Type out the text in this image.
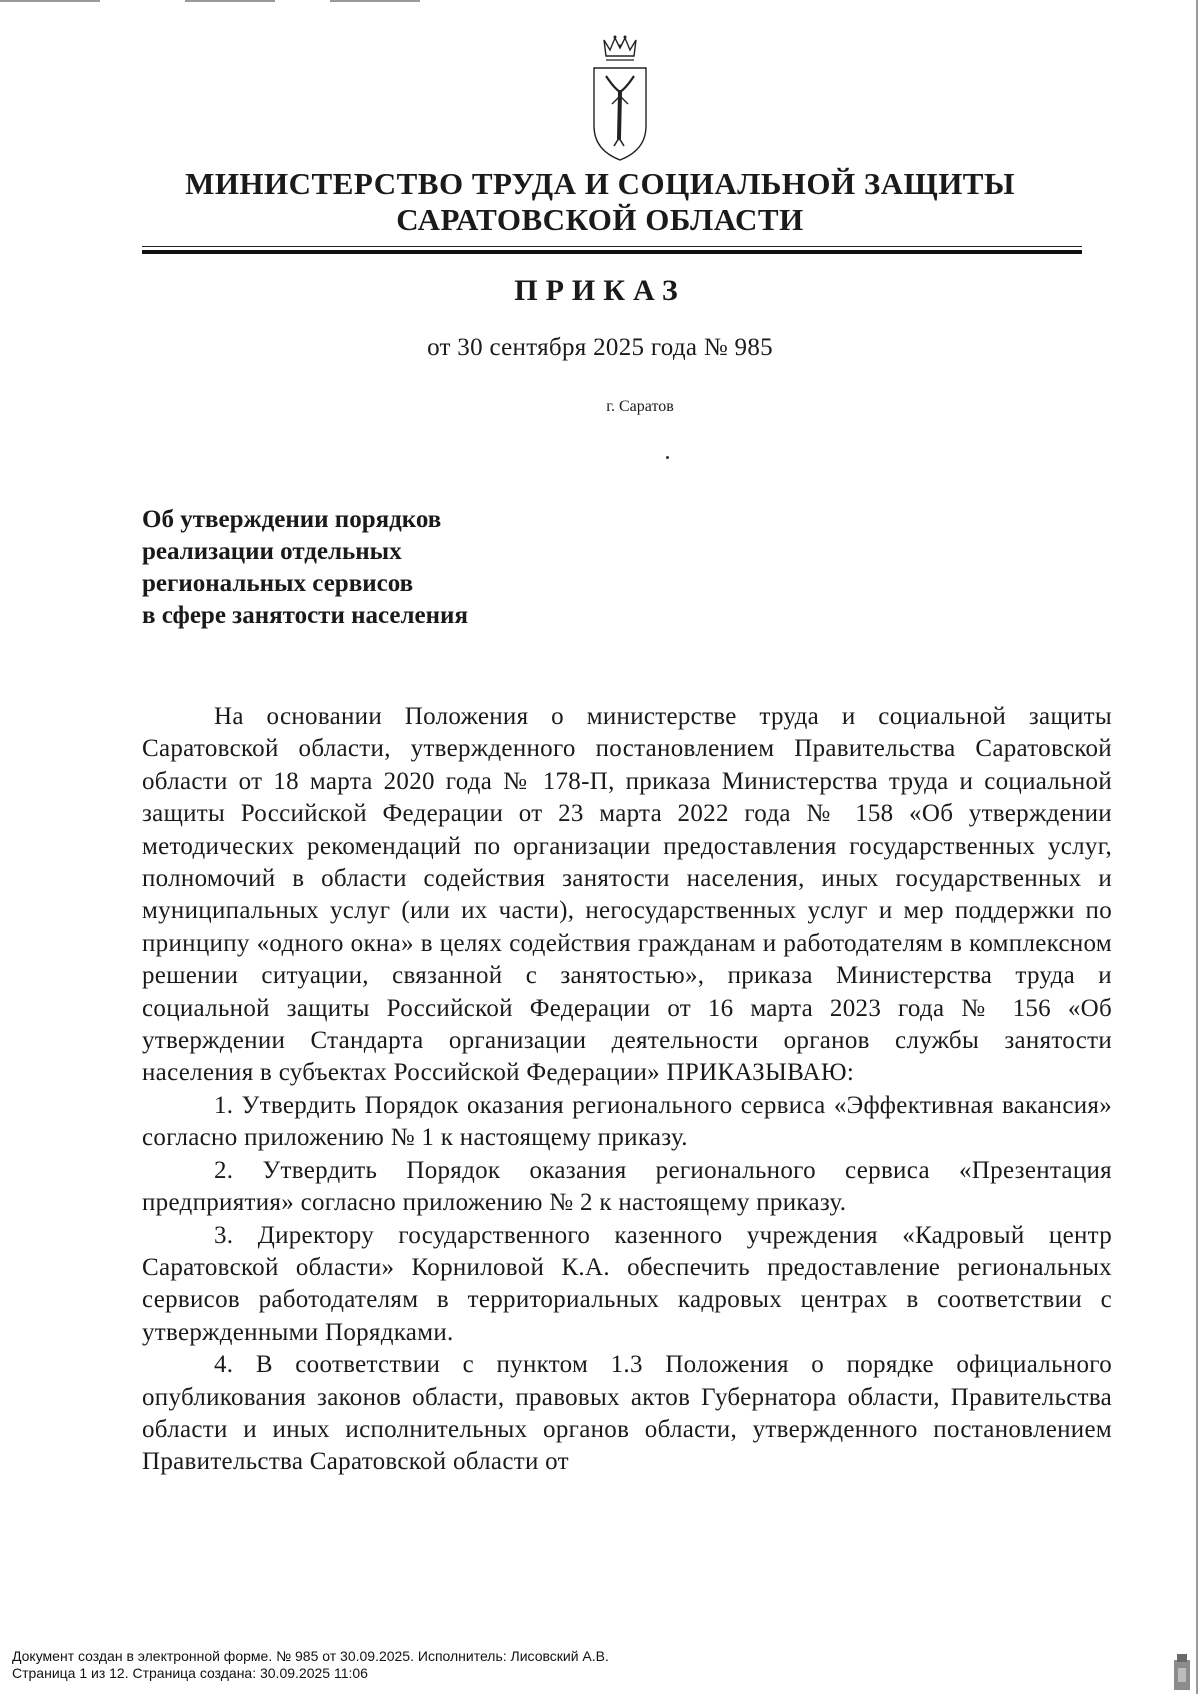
МИНИСТЕРСТВО ТРУДА И СОЦИАЛЬНОЙ ЗАЩИТЫ
САРАТОВСКОЙ ОБЛАСТИ
ПРИКАЗ
от 30 сентября 2025 года № 985
г. Саратов
Об утверждении порядков
реализации отдельных
региональных сервисов
в сфере занятости населения

На основании Положения о министерстве труда и социальной защиты Саратовской области, утвержденного постановлением Правительства Саратовской области от 18 марта 2020 года № 178-П, приказа Министерства труда и социальной защиты Российской Федерации от 23 марта 2022 года № 158 «Об утверждении методических рекомендаций по организации предоставления государственных услуг, полномочий в области содействия занятости населения, иных государственных и муниципальных услуг (или их части), негосударственных услуг и мер поддержки по принципу «одного окна» в целях содействия гражданам и работодателям в комплексном решении ситуации, связанной с занятостью», приказа Министерства труда и социальной защиты Российской Федерации от 16 марта 2023 года № 156 «Об утверждении Стандарта организации деятельности органов службы занятости населения в субъектах Российской Федерации» ПРИКАЗЫВАЮ:

1. Утвердить Порядок оказания регионального сервиса «Эффективная вакансия» согласно приложению № 1 к настоящему приказу.

2. Утвердить Порядок оказания регионального сервиса «Презентация предприятия» согласно приложению № 2 к настоящему приказу.

3. Директору государственного казенного учреждения «Кадровый центр Саратовской области» Корниловой К.А. обеспечить предоставление региональных сервисов работодателям в территориальных кадровых центрах в соответствии с утвержденными Порядками.

4. В соответствии с пунктом 1.3 Положения о порядке официального опубликования законов области, правовых актов Губернатора области, Правительства области и иных исполнительных органов области, утвержденного постановлением Правительства Саратовской области от

Документ создан в электронной форме. № 985 от 30.09.2025. Исполнитель: Лисовский А.В.
Страница 1 из 12. Страница создана: 30.09.2025 11:06
